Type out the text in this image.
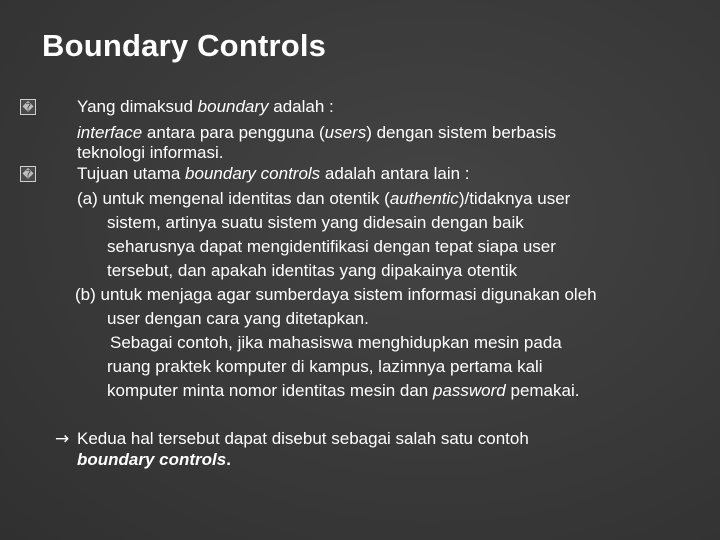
Boundary Controls
�	Yang dimaksud boundary adalah :
interface antara para pengguna (users) dengan sistem berbasis
teknologi informasi.
�	Tujuan utama boundary controls adalah antara lain :
(a) untuk mengenal identitas dan otentik (authentic)/tidaknya user
sistem, artinya suatu sistem yang didesain dengan baik
seharusnya dapat mengidentifikasi dengan tepat siapa user
tersebut, dan apakah identitas yang dipakainya otentik
(b) untuk menjaga agar sumberdaya sistem informasi digunakan oleh
user dengan cara yang ditetapkan.
Sebagai contoh, jika mahasiswa menghidupkan mesin pada
ruang praktek komputer di kampus, lazimnya pertama kali
komputer minta nomor identitas mesin dan password pemakai.
→ Kedua hal tersebut dapat disebut sebagai salah satu contoh
boundary controls.
